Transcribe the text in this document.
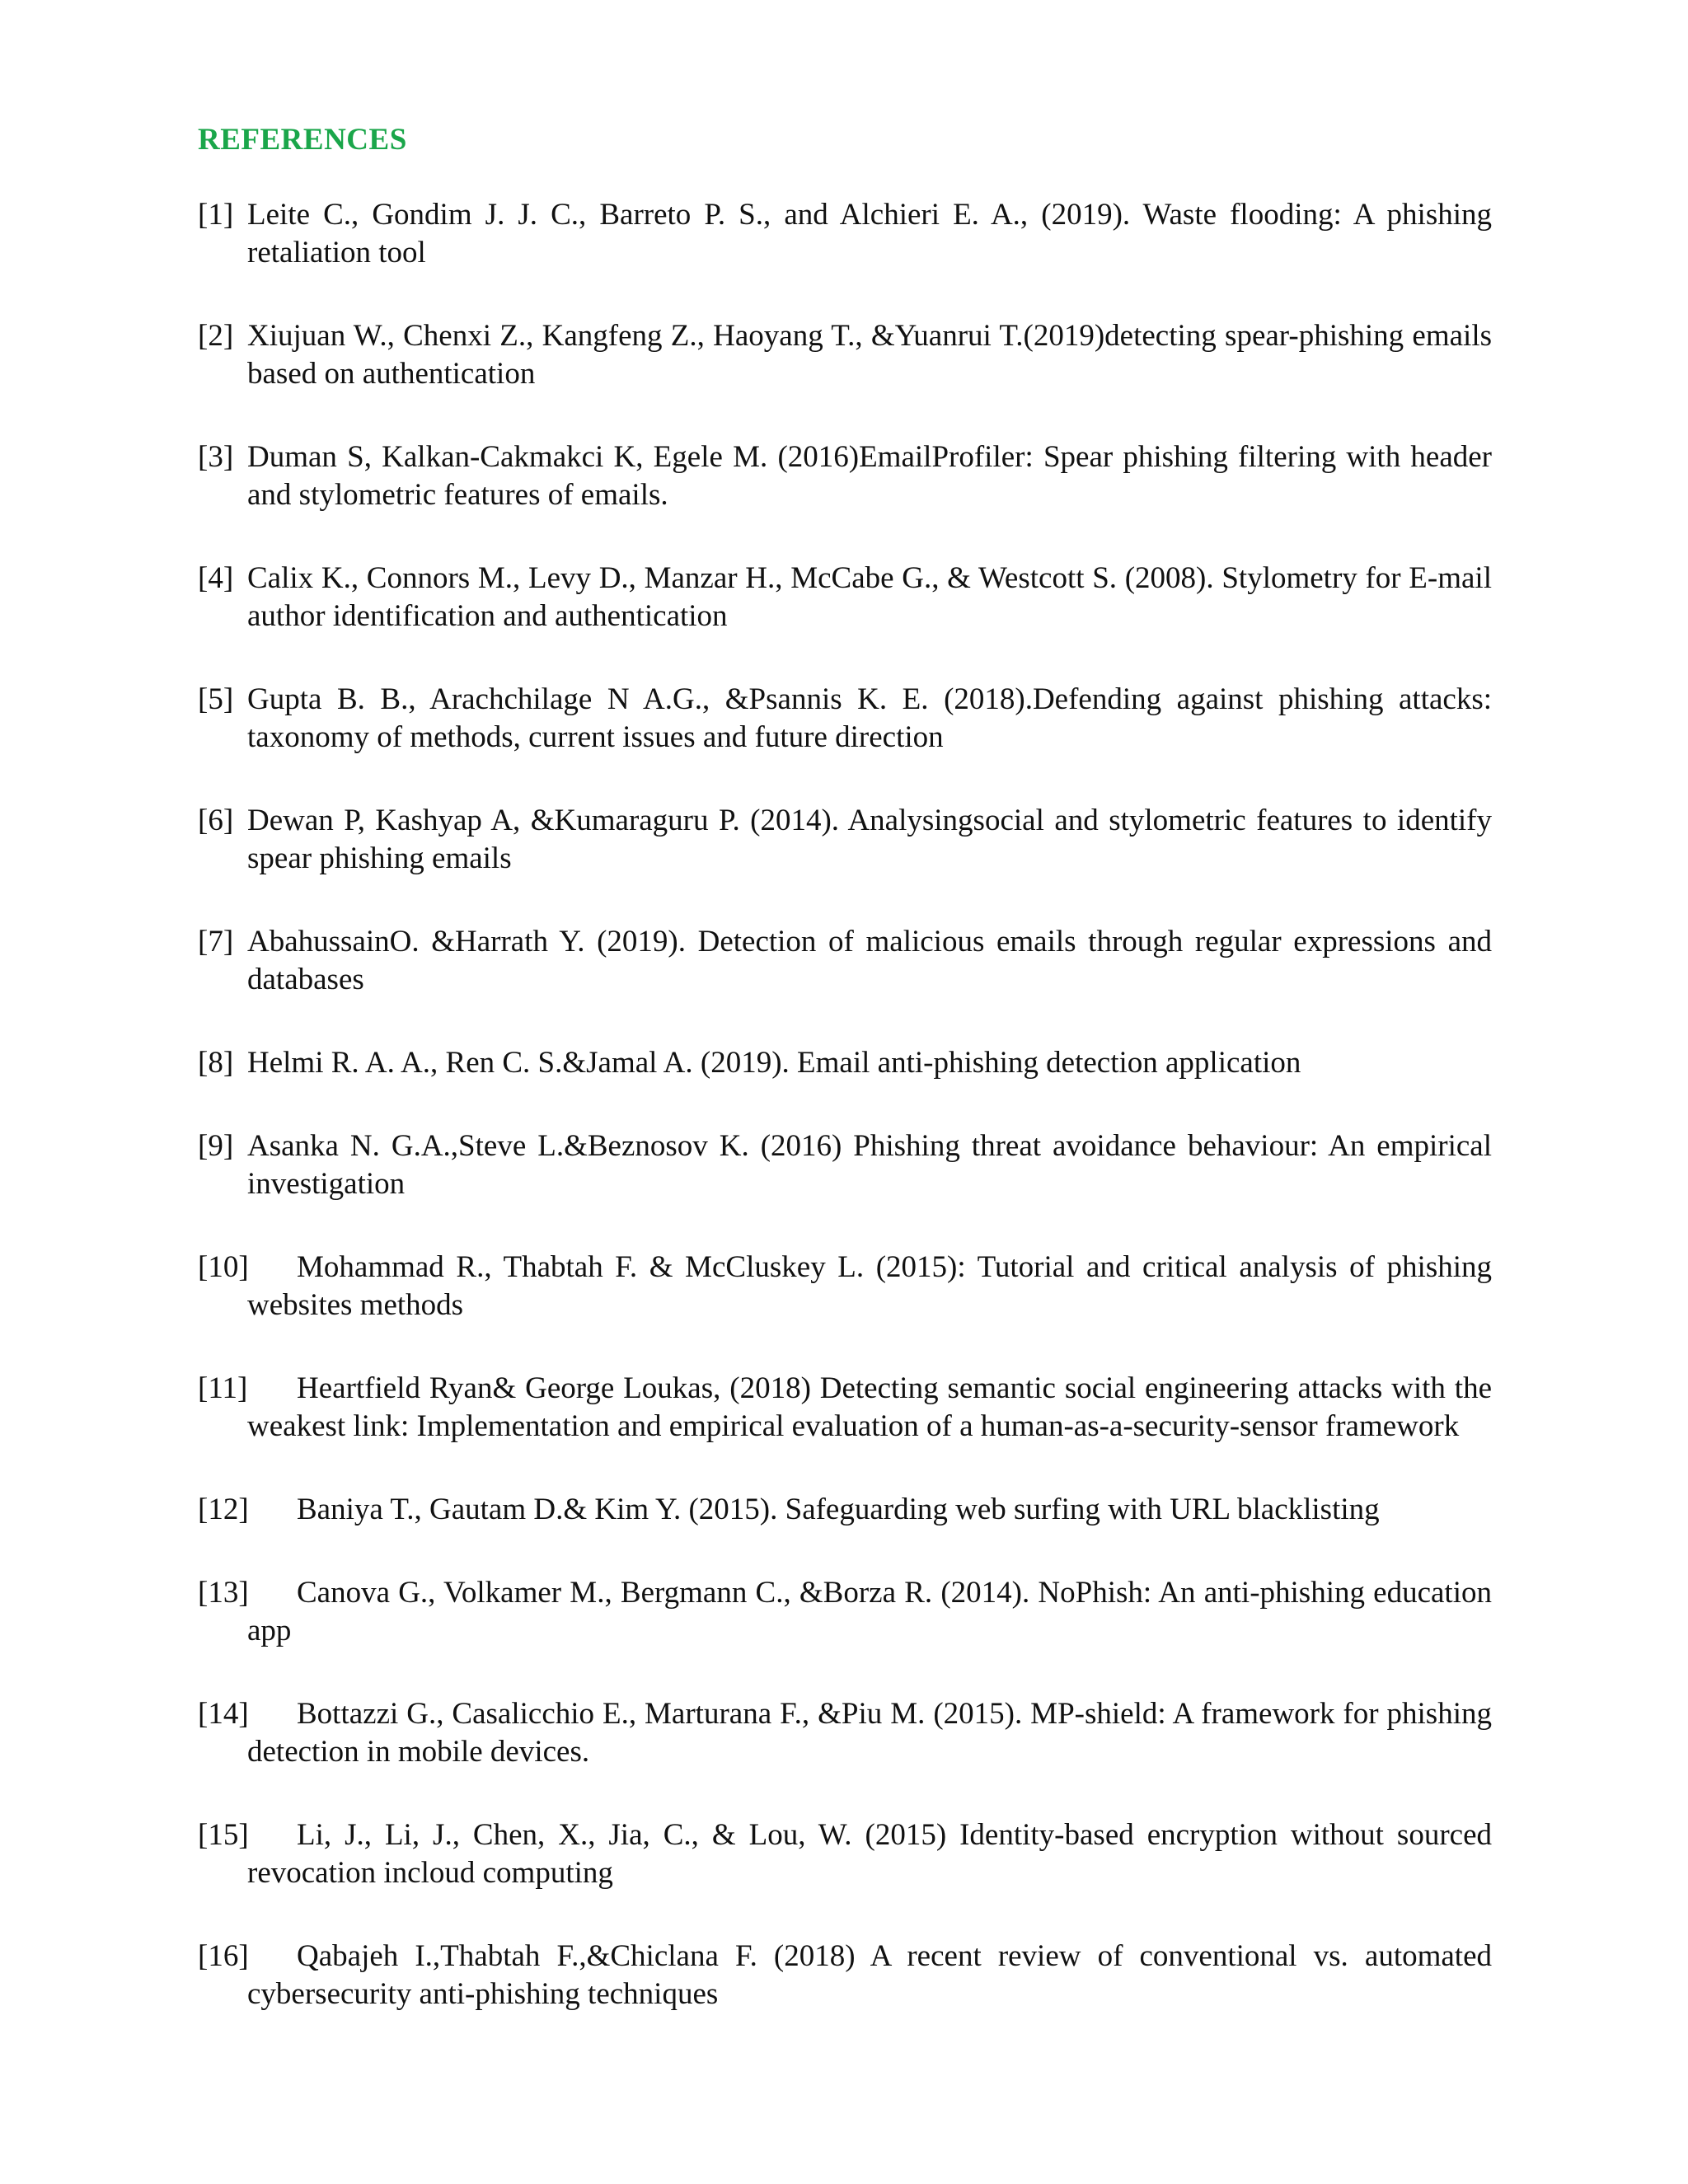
REFERENCES
[1] Leite C., Gondim J. J. C., Barreto P. S., and Alchieri E. A., (2019). Waste flooding: A phishing retaliation tool
[2] Xiujuan W., Chenxi Z., Kangfeng Z., Haoyang T., &Yuanrui T.(2019)detecting spear-phishing emails based on authentication
[3] Duman S, Kalkan-Cakmakci K, Egele M. (2016)EmailProfiler: Spear phishing filtering with header and stylometric features of emails.
[4] Calix K., Connors M., Levy D., Manzar H., McCabe G., & Westcott S. (2008). Stylometry for E-mail author identification and authentication
[5] Gupta B. B., Arachchilage N A.G., &Psannis K. E. (2018).Defending against phishing attacks: taxonomy of methods, current issues and future direction
[6] Dewan P, Kashyap A, &Kumaraguru P. (2014). Analysingsocial and stylometric features to identify spear phishing emails
[7] AbahussainO. &Harrath Y. (2019). Detection of malicious emails through regular expressions and databases
[8] Helmi R. A. A., Ren C. S.&Jamal A. (2019). Email anti-phishing detection application
[9] Asanka N. G.A.,Steve L.&Beznosov K. (2016) Phishing threat avoidance behaviour: An empirical investigation
[10] Mohammad R., Thabtah F. & McCluskey L. (2015): Tutorial and critical analysis of phishing websites methods
[11] Heartfield Ryan& George Loukas, (2018) Detecting semantic social engineering attacks with the weakest link: Implementation and empirical evaluation of a human-as-a-security-sensor framework
[12] Baniya T., Gautam D.& Kim Y. (2015). Safeguarding web surfing with URL blacklisting
[13] Canova G., Volkamer M., Bergmann C., &Borza R. (2014). NoPhish: An anti-phishing education app
[14] Bottazzi G., Casalicchio E., Marturana F., &Piu M. (2015). MP-shield: A framework for phishing detection in mobile devices.
[15] Li, J., Li, J., Chen, X., Jia, C., & Lou, W. (2015) Identity-based encryption without sourced revocation incloud computing
[16] Qabajeh I.,Thabtah F.,&Chiclana F. (2018) A recent review of conventional vs. automated cybersecurity anti-phishing techniques
